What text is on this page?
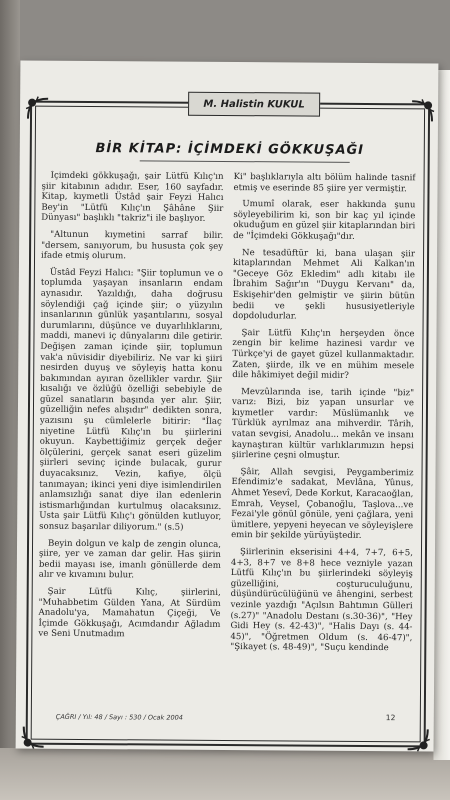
M. Halistin KUKUL
BİR KİTAP: İÇİMDEKİ GÖKKUŞAĞI

İçimdeki gökkuşağı, şair Lütfü Kılıç'ın şiir kitabının adıdır. Eser, 160 sayfadır. Kitap, kıymetli Üstâd şair Feyzi Halıcı Bey'in "Lütfü Kılıç'ın Şâhâne Şiir Dünyası" başlıklı "takriz"i ile başlıyor.

"Altunun kıymetini sarraf bilir. "dersem, sanıyorum, bu hususta çok şey ifade etmiş olurum.

Üstâd Feyzi Halıcı: "Şiir toplumun ve o toplumda yaşayan insanların endam aynasıdır. Yazıldığı, daha doğrusu söylendiği çağ içinde şiir; o yüzyılın insanlarının günlük yaşantılarını, sosyal durumlarını, düşünce ve duyarlılıklarını, maddi, manevi iç dünyalarını dile getirir. Değişen zaman içinde şiir, toplumun vak'a nüvisidir diyebiliriz. Ne var ki şiiri nesirden duyuş ve söyleyiş hatta konu bakımından ayıran özellikler vardır. Şiir kısalığı ve özlüğü özelliği sebebiyle de güzel sanatların başında yer alır. Şiir, güzelliğin nefes alışıdır" dedikten sonra, yazısını şu cümlelerle bitirir: "İlaç niyetine Lütfü Kılıç'ın bu şiirlerini okuyun. Kaybettiğimiz gerçek değer ölçülerini, gerçek sanat eseri güzelim şiirleri sevinç içinde bulacak, gurur duyacaksınız. Vezin, kafiye, ölçü tanımayan; ikinci yeni diye isimlendirilen anlamsızlığı sanat diye ilan edenlerin istismarlığından kurtulmuş olacaksınız. Usta şair Lütfü Kılıç'ı gönülden kutluyor, sonsuz başarılar diliyorum." (s.5)

Beyin dolgun ve kalp de zengin olunca, şiire, yer ve zaman dar gelir. Has şiirin bedii mayası ise, imanlı gönüllerde dem alır ve kıvamını bulur.

Şair Lütfü Kılıç, şiirlerini, "Muhabbetim Gülden Yana, At Sürdüm Anadolu'ya, Mamahatun Çiçeği, Ve İçimde Gökkuşağı, Acımdandır Ağladım ve Seni Unutmadım

Ki" başlıklarıyla altı bölüm halinde tasnif etmiş ve eserinde 85 şiire yer vermiştir.

Umumî olarak, eser hakkında şunu söyleyebilirim ki, son bir kaç yıl içinde okuduğum en güzel şiir kitaplarından biri de "İçimdeki Gökkuşağı"dır.

Ne tesadüftür ki, bana ulaşan şiir kitaplarından Mehmet Ali Kalkan'ın "Geceye Göz Ekledim" adlı kitabı ile İbrahim Sağır'ın "Duygu Kervanı" da, Eskişehir'den gelmiştir ve şiirin bütün bedii ve şekli hususiyetleriyle dopdoludurlar.

Şair Lütfü Kılıç'ın herşeyden önce zengin bir kelime hazinesi vardır ve Türkçe'yi de gayet güzel kullanmaktadır. Zaten, şiirde, ilk ve en mühim mesele dile hâkimiyet değil midir?

Mevzûlarında ise, tarih içinde "biz" varız: Bizi, biz yapan unsurlar ve kıymetler vardır: Müslümanlık ve Türklük ayrılmaz ana mihverdir. Târih, vatan sevgisi, Anadolu... mekân ve insanı kaynaştıran kültür varlıklarımızın hepsi şiirlerine çeşni olmuştur.

Şâir, Allah sevgisi, Peygamberimiz Efendimiz'e sadakat, Mevlâna, Yûnus, Ahmet Yesevî, Dede Korkut, Karacaoğlan, Emrah, Veysel, Çobanoğlu, Taşlova...ve Fezai'yle gönül gönüle, yeni çağlara, yeni ümitlere, yepyeni heyecan ve söyleyişlere emin bir şekilde yürüyüştedir.

Şiirlerinin ekserisini 4+4, 7+7, 6+5, 4+3, 8+7 ve 8+8 hece vezniyle yazan Lütfü Kılıç'ın bu şiirlerindeki söyleyiş güzelliğini, coşturuculuğunu, düşündürücülüğünü ve âhengini, serbest vezinle yazdığı "Açılsın Bahtımın Gülleri (s.27)" "Anadolu Destanı (s.30-36)", "Hey Gidi Hey (s. 42-43)", "Halis Dayı (s. 44-45)", "Öğretmen Oldum (s. 46-47)", "Şikayet (s. 48-49)", "Suçu kendinde

ÇAĞRI / Yıl: 48 / Sayı : 530 / Ocak 2004	12
